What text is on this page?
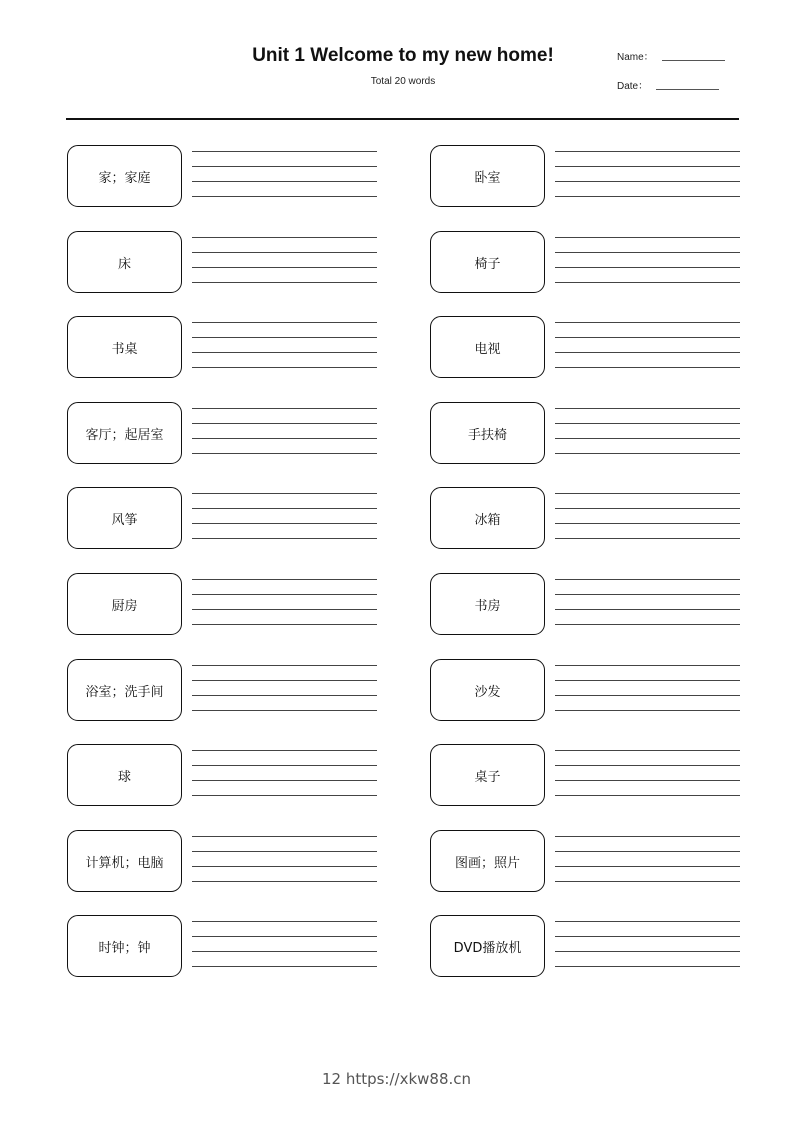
Unit 1 Welcome to my new home!
Total 20 words
Name：
Date：
家；家庭	卧室
床	椅子
书桌	电视
客厅；起居室	手扶椅
风筝	冰箱
厨房	书房
浴室；洗手间	沙发
球	桌子
计算机；电脑	图画；照片
时钟；钟	DVD播放机
12 https://xkw88.cn
